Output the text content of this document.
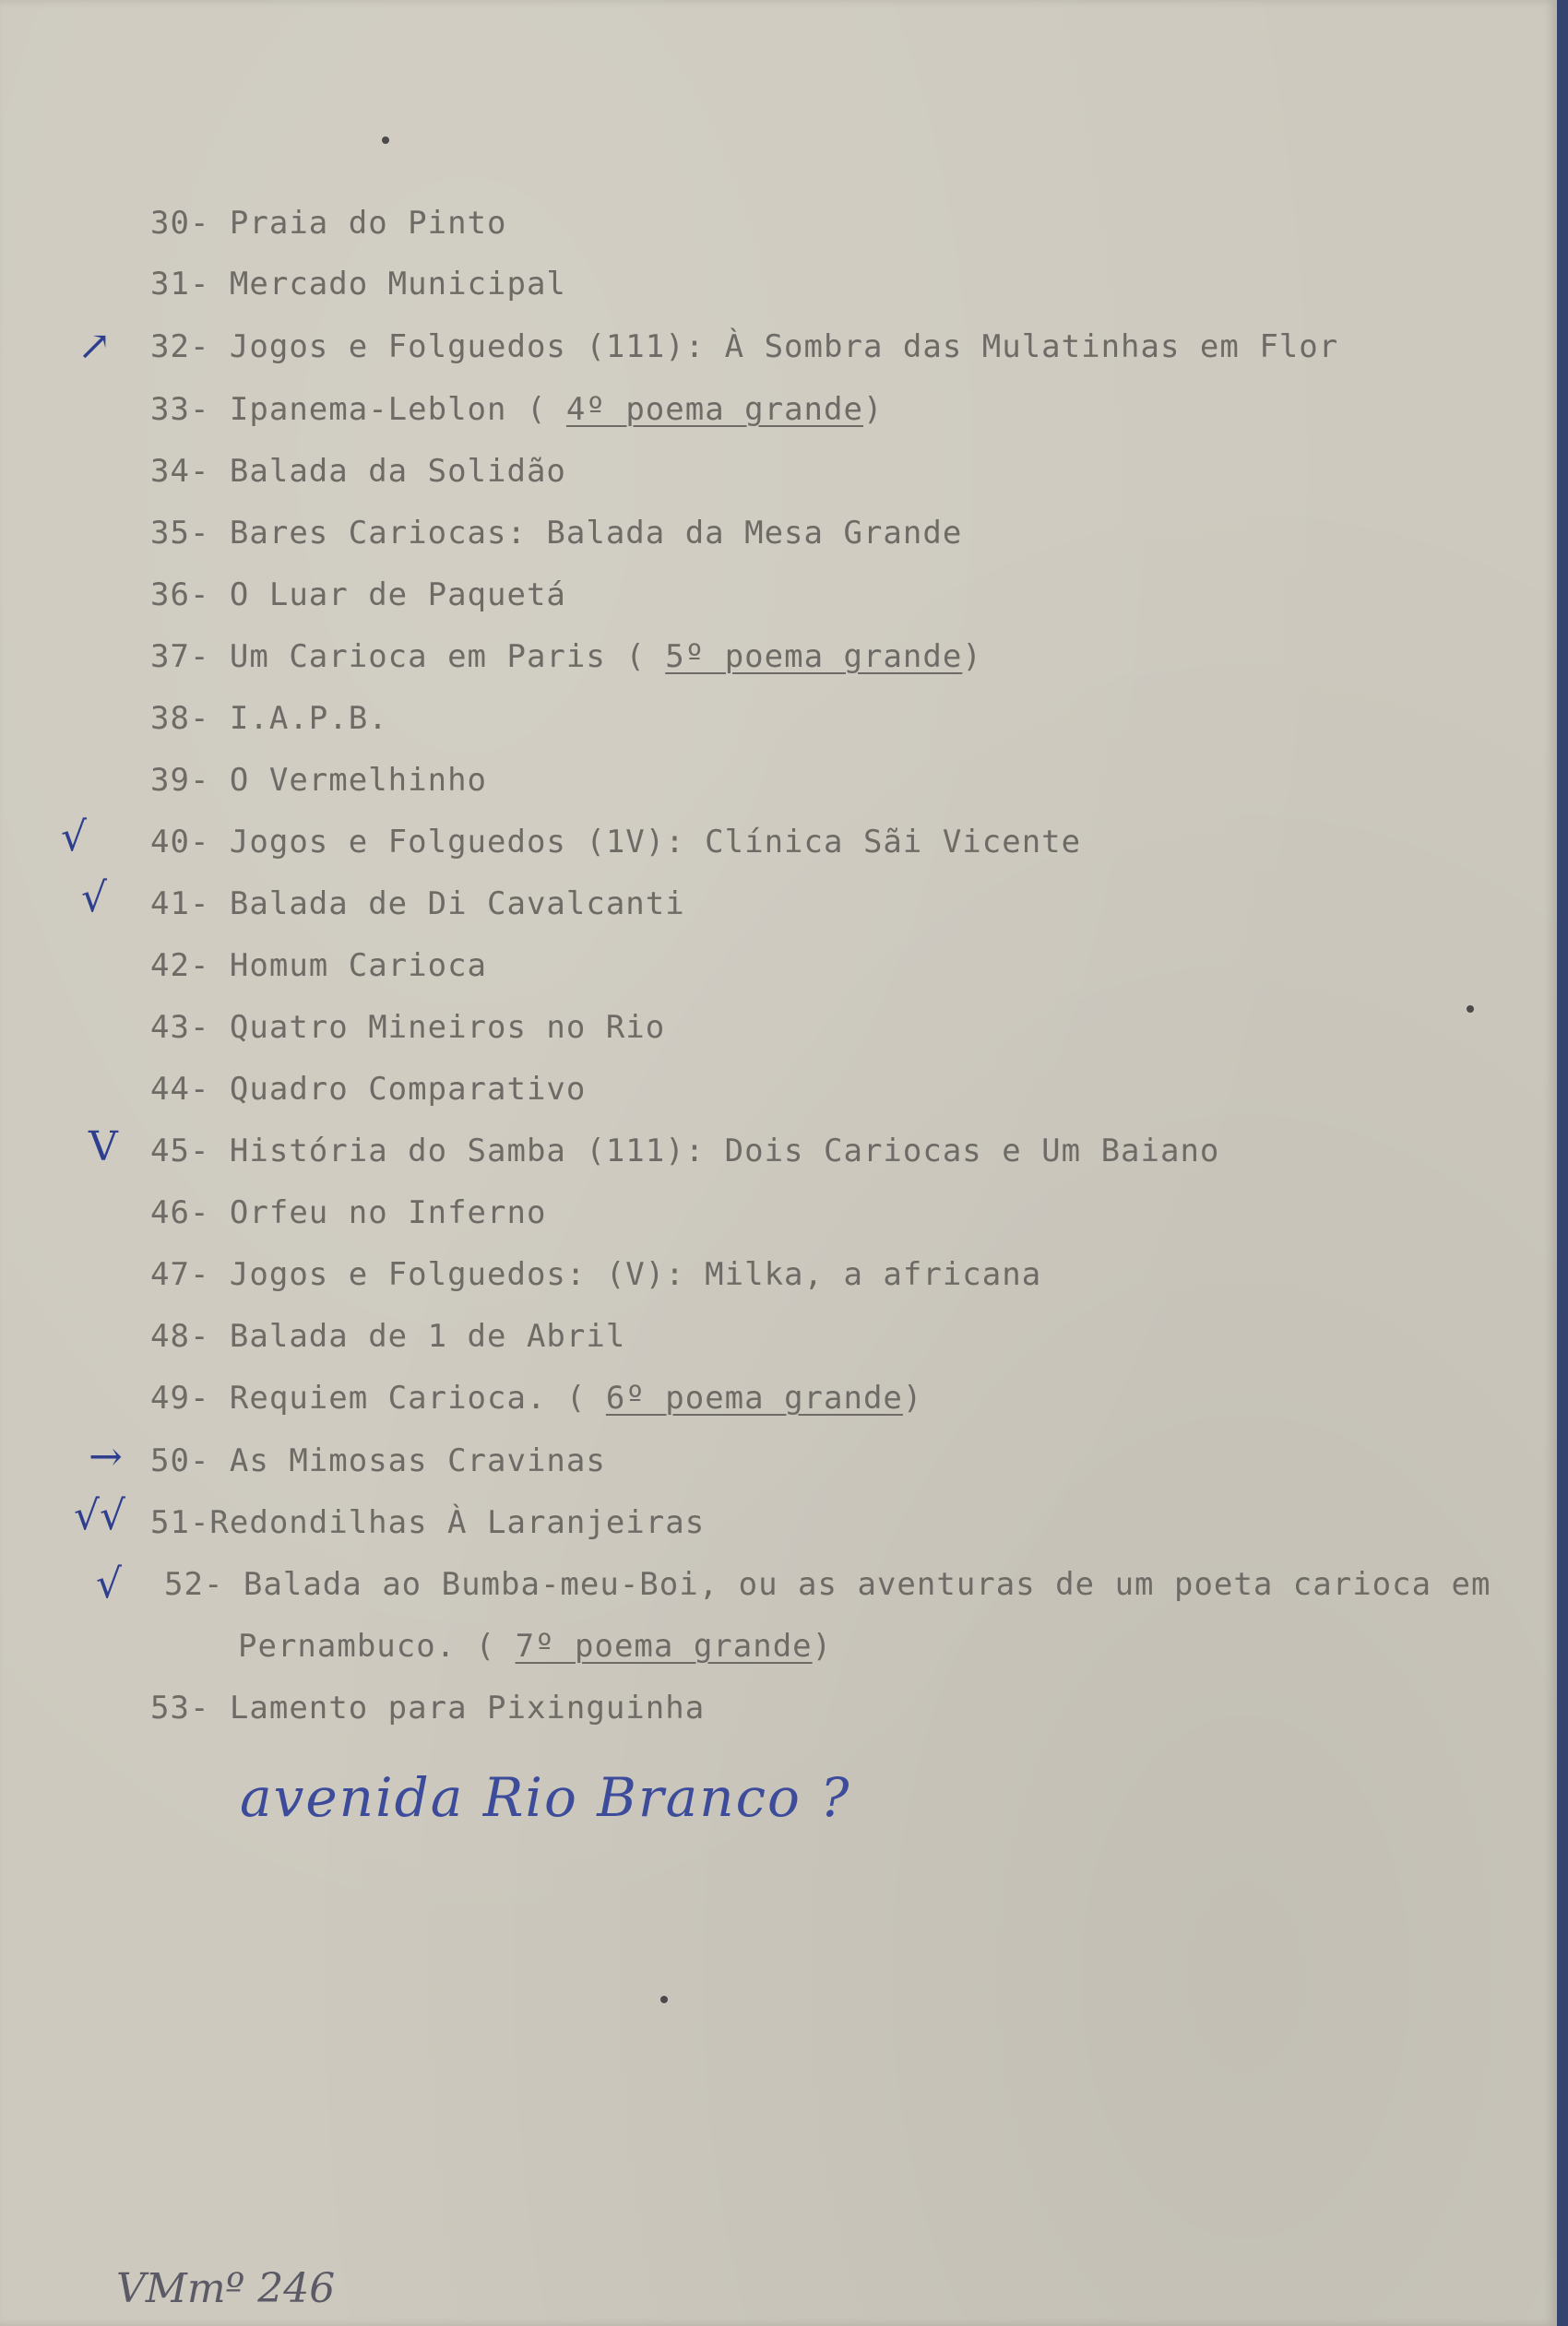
30- Praia do Pinto
31- Mercado Municipal
32- Jogos e Folguedos (111): À Sombra das Mulatinhas em Flor
33- Ipanema-Leblon ( 4º poema grande)
34- Balada da Solidão
35- Bares Cariocas: Balada da Mesa Grande
36- O Luar de Paquetá
37- Um Carioca em Paris ( 5º poema grande)
38- I.A.P.B.
39- O Vermelhinho
40- Jogos e Folguedos (1V): Clínica Sãi Vicente
41- Balada de Di Cavalcanti
42- Homum Carioca
43- Quatro Mineiros no Rio
44- Quadro Comparativo
45- História do Samba (111): Dois Cariocas e Um Baiano
46- Orfeu no Inferno
47- Jogos e Folguedos: (V): Milka, a africana
48- Balada de 1 de Abril
49- Requiem Carioca. ( 6º poema grande)
50- As Mimosas Cravinas
51-Redondilhas À Laranjeiras
52- Balada ao Bumba-meu-Boi, ou as aventuras de um poeta carioca em
Pernambuco. ( 7º poema grande)
53- Lamento para Pixinguinha
↗
√
√
V
→
√√
√
avenida Rio Branco ?
VMmº 246
